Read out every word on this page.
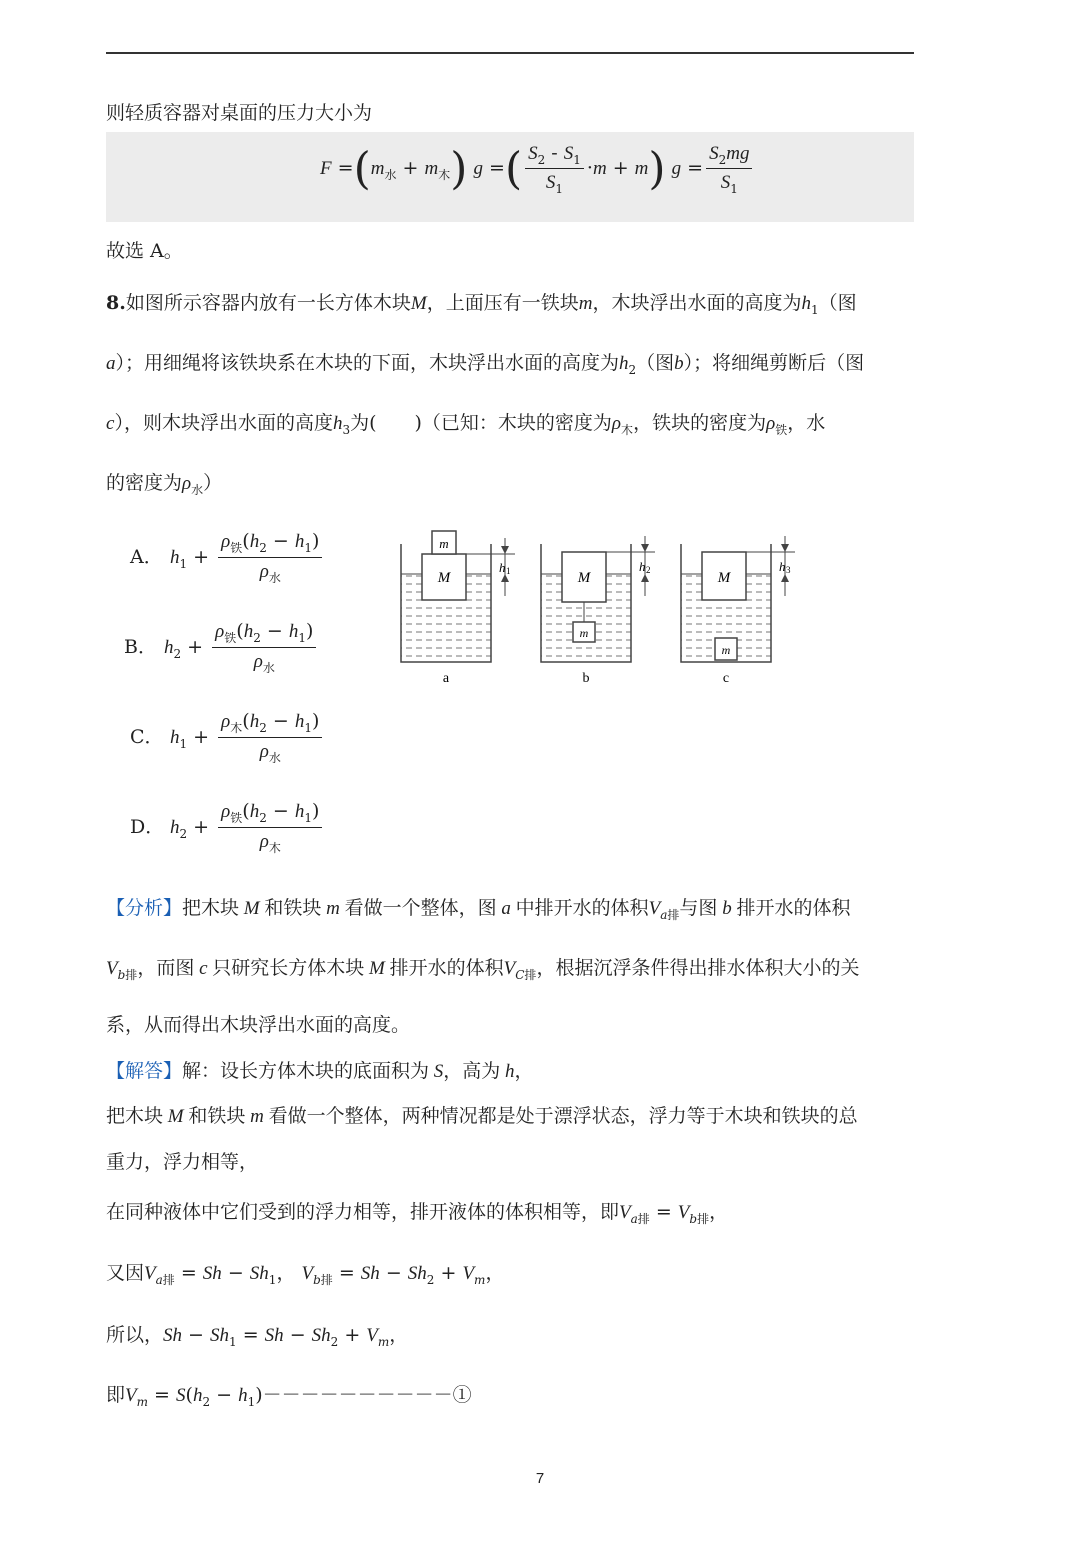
则轻质容器对桌面的压力大小为
$F =(m_水 + m_木)$ g =( $\frac{S_2 - S_1}{S_1} \cdot m + m$) $g = \frac{S_2mg}{S_1}$
故选 A。
8.如图所示容器内放有一长方体木块M，上面压有一铁块m，木块浮出水面的高度为$h_1$（图
a）；用细绳将该铁块系在木块的下面，木块浮出水面的高度为$h_2$（图b）；将细绳剪断后（图
c），则木块浮出水面的高度$h_3$为(　　)（已知：木块的密度为$\rho_木$，铁块的密度为$\rho_铁$，水
的密度为$\rho_水$）
A． $h_1 + \frac{\rho_铁(h_2 - h_1)}{\rho_水}$
B． $h_2 + \frac{\rho_铁(h_2 - h_1)}{\rho_水}$
C． $h_1 + \frac{\rho_木(h_2 - h_1)}{\rho_水}$
D． $h_2 + \frac{\rho_铁(h_2 - h_1)}{\rho_木}$
M
m
h 1
a
M
m
h 2
b
M
m
h 3
c
【分析】把木块 M 和铁块 m 看做一个整体，图 a 中排开水的体积$V_{a排}$与图 b 排开水的体积
$V_{b排}$，而图 c 只研究长方体木块 M 排开水的体积$V_{C排}$，根据沉浮条件得出排水体积大小的关
系，从而得出木块浮出水面的高度。
【解答】解：设长方体木块的底面积为 S，高为 h，
把木块 M 和铁块 m 看做一个整体，两种情况都是处于漂浮状态，浮力等于木块和铁块的总
重力，浮力相等，
在同种液体中它们受到的浮力相等，排开液体的体积相等，即$V_{a排} = V_{b排}$，
又因$V_{a排} = Sh - Sh_1$， $V_{b排} = Sh - Sh_2 + V_m$，
所以，$Sh - Sh_1 = Sh - Sh_2 + V_m$，
即$V_m = S(h_2$ − $h_1)----------①$
7
